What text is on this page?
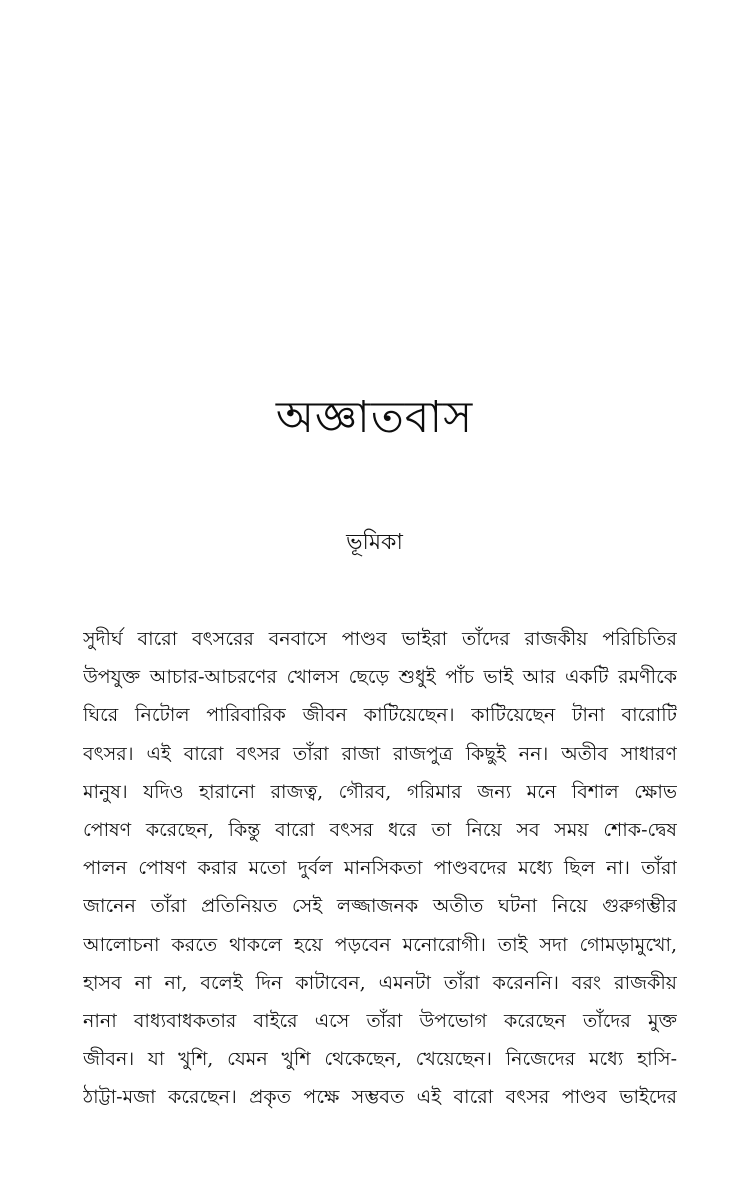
অজ্ঞাতবাস
ভূমিকা
সুদীর্ঘ বারো বৎসরের বনবাসে পাণ্ডব ভাইরা তাঁদের রাজকীয় পরিচিতির
উপযুক্ত আচার-আচরণের খোলস ছেড়ে শুধুই পাঁচ ভাই আর একটি রমণীকে
ঘিরে নিটোল পারিবারিক জীবন কাটিয়েছেন। কাটিয়েছেন টানা বারোটি
বৎসর। এই বারো বৎসর তাঁরা রাজা রাজপুত্র কিছুই নন। অতীব সাধারণ
মানুষ। যদিও হারানো রাজত্ব, গৌরব, গরিমার জন্য মনে বিশাল ক্ষোভ
পোষণ করেছেন, কিন্তু বারো বৎসর ধরে তা নিয়ে সব সময় শোক-দ্বেষ
পালন পোষণ করার মতো দুর্বল মানসিকতা পাণ্ডবদের মধ্যে ছিল না। তাঁরা
জানেন তাঁরা প্রতিনিয়ত সেই লজ্জাজনক অতীত ঘটনা নিয়ে গুরুগম্ভীর
আলোচনা করতে থাকলে হয়ে পড়বেন মনোরোগী। তাই সদা গোমড়ামুখো,
হাসব না না, বলেই দিন কাটাবেন, এমনটা তাঁরা করেননি। বরং রাজকীয়
নানা বাধ্যবাধকতার বাইরে এসে তাঁরা উপভোগ করেছেন তাঁদের মুক্ত
জীবন। যা খুশি, যেমন খুশি থেকেছেন, খেয়েছেন। নিজেদের মধ্যে হাসি-
ঠাট্টা-মজা করেছেন। প্রকৃত পক্ষে সম্ভবত এই বারো বৎসর পাণ্ডব ভাইদের
